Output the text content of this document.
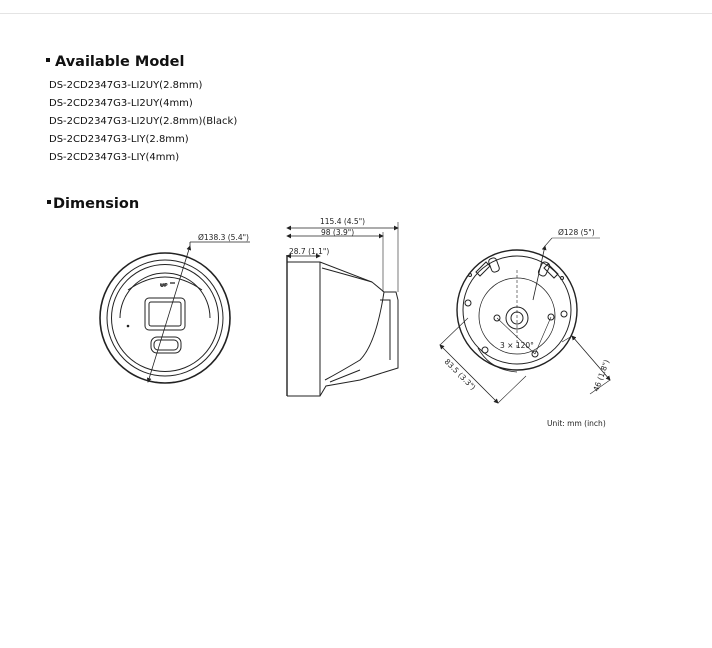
Available Model
DS-2CD2347G3-LI2UY(2.8mm)
DS-2CD2347G3-LI2UY(4mm)
DS-2CD2347G3-LI2UY(2.8mm)(Black)
DS-2CD2347G3-LIY(2.8mm)
DS-2CD2347G3-LIY(4mm)
Dimension
Ø138.3 (5.4")
UP
115.4 (4.5")
98 (3.9")
28.7 (1.1")
Ø128 (5")
3 × 120°
83.5 (3.3")	46 (1.8")
Unit: mm (inch)
